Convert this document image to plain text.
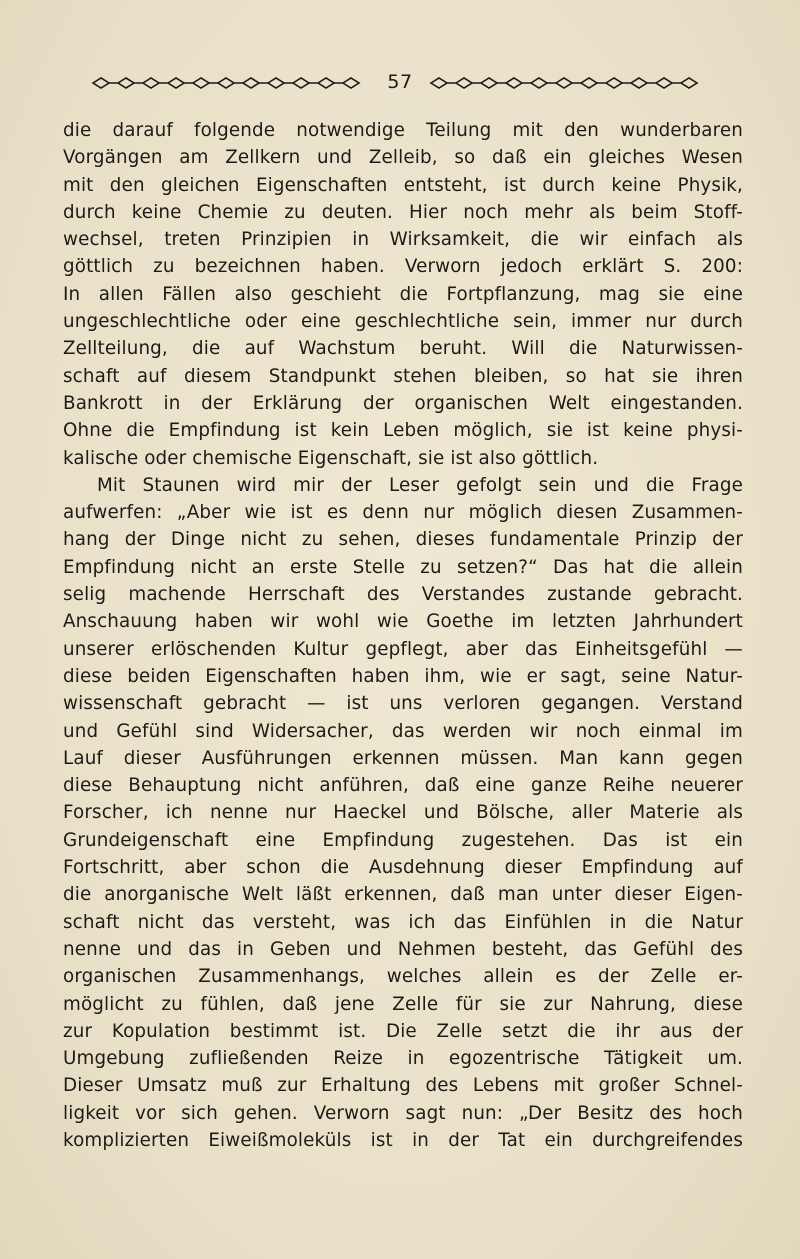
57
die darauf folgende notwendige Teilung mit den wunderbaren
Vorgängen am Zellkern und Zelleib, so daß ein gleiches Wesen
mit den gleichen Eigenschaften entsteht, ist durch keine Physik,
durch keine Chemie zu deuten. Hier noch mehr als beim Stoff-
wechsel, treten Prinzipien in Wirksamkeit, die wir einfach als
göttlich zu bezeichnen haben. Verworn jedoch erklärt S. 200:
In allen Fällen also geschieht die Fortpflanzung, mag sie eine
ungeschlechtliche oder eine geschlechtliche sein, immer nur durch
Zellteilung, die auf Wachstum beruht. Will die Naturwissen-
schaft auf diesem Standpunkt stehen bleiben, so hat sie ihren
Bankrott in der Erklärung der organischen Welt eingestanden.
Ohne die Empfindung ist kein Leben möglich, sie ist keine physi-
kalische oder chemische Eigenschaft, sie ist also göttlich.
Mit Staunen wird mir der Leser gefolgt sein und die Frage
aufwerfen: „Aber wie ist es denn nur möglich diesen Zusammen-
hang der Dinge nicht zu sehen, dieses fundamentale Prinzip der
Empfindung nicht an erste Stelle zu setzen?“ Das hat die allein
selig machende Herrschaft des Verstandes zustande gebracht.
Anschauung haben wir wohl wie Goethe im letzten Jahrhundert
unserer erlöschenden Kultur gepflegt, aber das Einheitsgefühl —
diese beiden Eigenschaften haben ihm, wie er sagt, seine Natur-
wissenschaft gebracht — ist uns verloren gegangen. Verstand
und Gefühl sind Widersacher, das werden wir noch einmal im
Lauf dieser Ausführungen erkennen müssen. Man kann gegen
diese Behauptung nicht anführen, daß eine ganze Reihe neuerer
Forscher, ich nenne nur Haeckel und Bölsche, aller Materie als
Grundeigenschaft eine Empfindung zugestehen. Das ist ein
Fortschritt, aber schon die Ausdehnung dieser Empfindung auf
die anorganische Welt läßt erkennen, daß man unter dieser Eigen-
schaft nicht das versteht, was ich das Einfühlen in die Natur
nenne und das in Geben und Nehmen besteht, das Gefühl des
organischen Zusammenhangs, welches allein es der Zelle er-
möglicht zu fühlen, daß jene Zelle für sie zur Nahrung, diese
zur Kopulation bestimmt ist. Die Zelle setzt die ihr aus der
Umgebung zufließenden Reize in egozentrische Tätigkeit um.
Dieser Umsatz muß zur Erhaltung des Lebens mit großer Schnel-
ligkeit vor sich gehen. Verworn sagt nun: „Der Besitz des hoch
komplizierten Eiweißmoleküls ist in der Tat ein durchgreifendes
